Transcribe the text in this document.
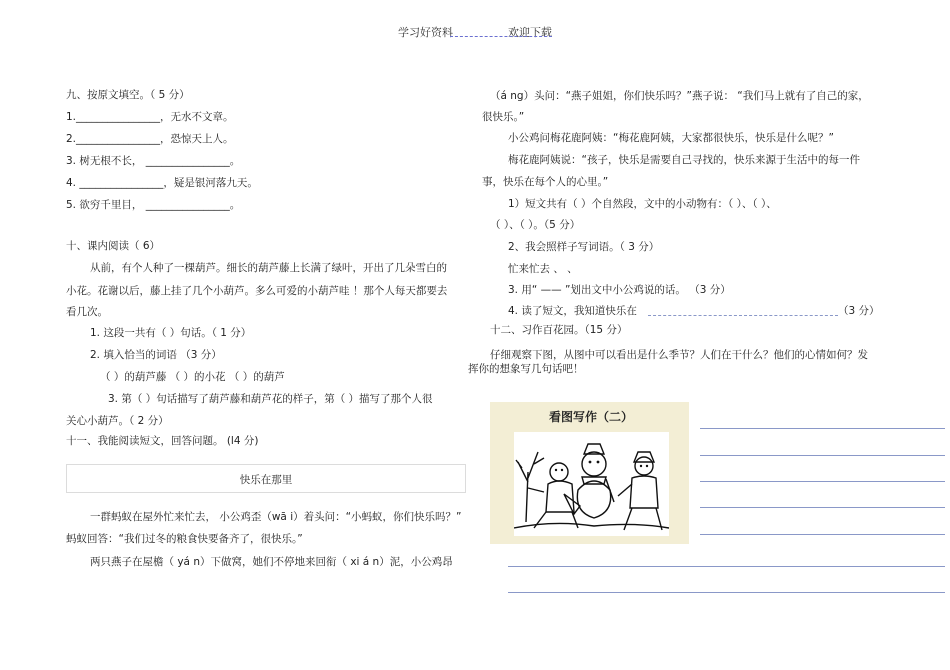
学习好资料	欢迎下载
九、按原文填空。（ 5 分）
1.________________，无水不文章。
2.________________，恐惊天上人。
3. 树无根不长， ________________。
4. ________________，疑是银河落九天。
5. 欲穷千里目， ________________。
十、课内阅读（ 6）
从前，有个人种了一棵葫芦。细长的葫芦藤上长满了绿叶，开出了几朵雪白的
小花。花谢以后，藤上挂了几个小葫芦。多么可爱的小葫芦哇 ！那个人每天都要去
看几次。
1. 这段一共有（ ）句话。（ 1 分）
2. 填入恰当的词语 （3 分）
（ ）的葫芦藤 （ ）的小花 （ ）的葫芦
3. 第（ ）句话描写了葫芦藤和葫芦花的样子，第（ ）描写了那个人很
关心小葫芦。（ 2 分）
十一、我能阅读短文，回答问题。 (l4 分)
快乐在那里
一群蚂蚁在屋外忙来忙去， 小公鸡歪（wā i）着头问：“小蚂蚁，你们快乐吗？”
蚂蚁回答：“我们过冬的粮食快要备齐了，很快乐。”
两只燕子在屋檐（ yá n）下做窝，她们不停地来回衔（ xi á n）泥，小公鸡昂
（á ng）头问：“燕子姐姐，你们快乐吗？”燕子说： “我们马上就有了自己的家，
很快乐。”
小公鸡问梅花鹿阿姨：“梅花鹿阿姨，大家都很快乐，快乐是什么呢？”
梅花鹿阿姨说：“孩子，快乐是需要自己寻找的，快乐来源于生活中的每一件
事，快乐在每个人的心里。”
1）短文共有（ ）个自然段，文中的小动物有：（ ）、（ ）、
（ ）、（ ）。（5 分）
2、我会照样子写词语。（ 3 分）
忙来忙去 、 、
3. 用“ —— ”划出文中小公鸡说的话。 （3 分）
4. 读了短文，我知道快乐在	（3 分）
十二、习作百花园。（15 分）
仔细观察下图，从图中可以看出是什么季节？人们在干什么？他们的心情如何？发
挥你的想象写几句话吧！
看图写作（二）
